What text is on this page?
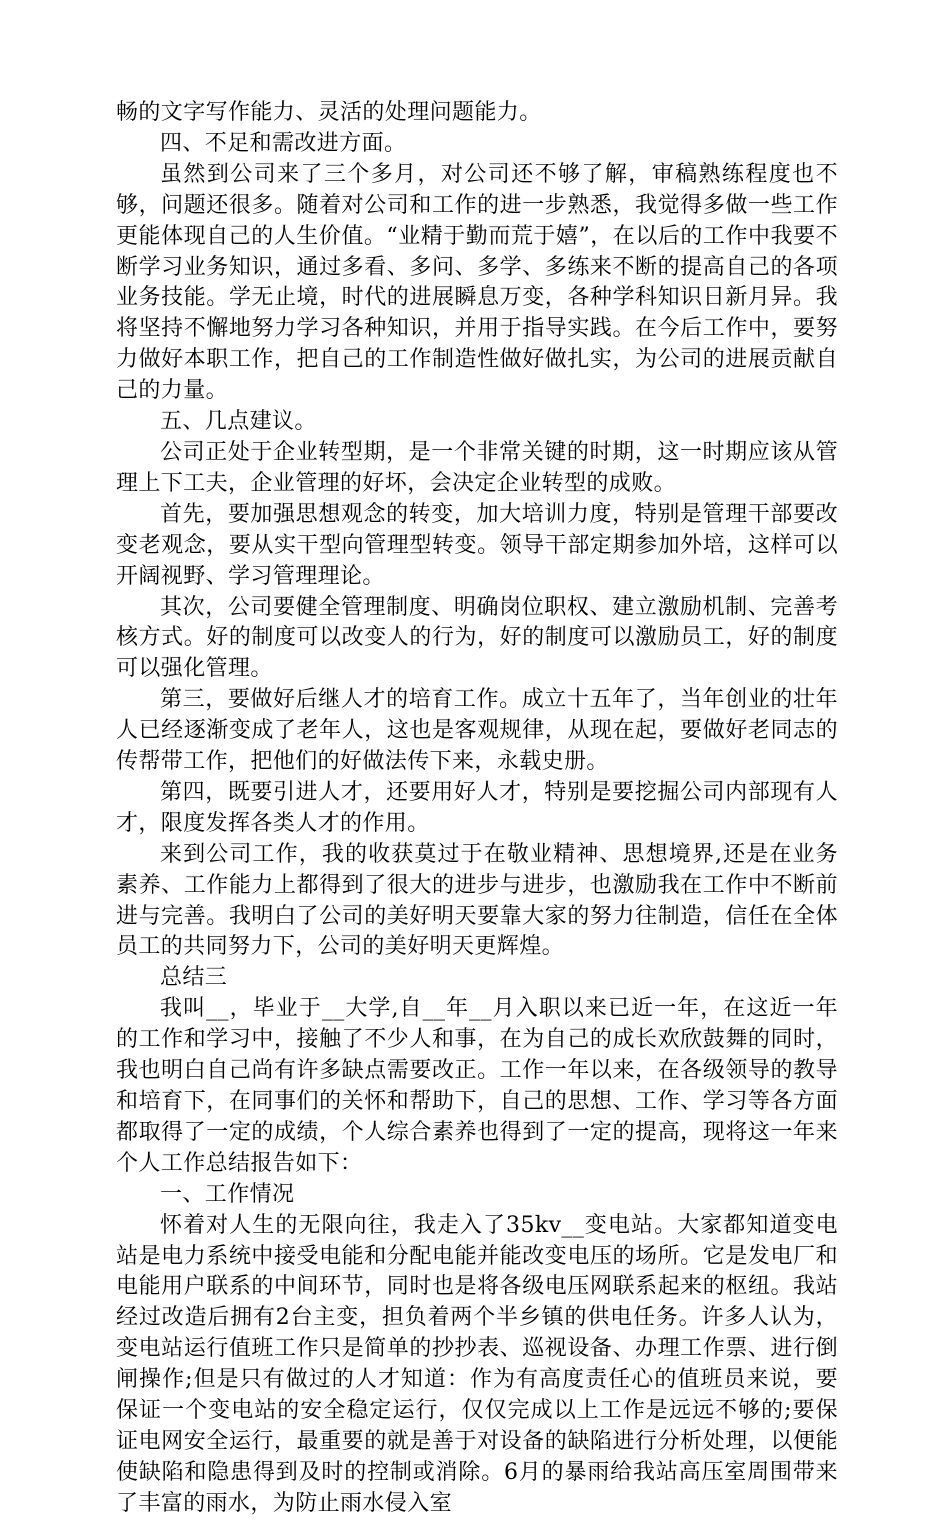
畅的文字写作能力、灵活的处理问题能力。

四、不足和需改进方面。

虽然到公司来了三个多月，对公司还不够了解，审稿熟练程度也不够，问题还很多。随着对公司和工作的进一步熟悉，我觉得多做一些工作更能体现自己的人生价值。“业精于勤而荒于嬉”，在以后的工作中我要不断学习业务知识，通过多看、多问、多学、多练来不断的提高自己的各项业务技能。学无止境，时代的进展瞬息万变，各种学科知识日新月异。我将坚持不懈地努力学习各种知识，并用于指导实践。在今后工作中，要努力做好本职工作，把自己的工作制造性做好做扎实，为公司的进展贡献自己的力量。

五、几点建议。

公司正处于企业转型期，是一个非常关键的时期，这一时期应该从管理上下工夫，企业管理的好坏，会决定企业转型的成败。

首先，要加强思想观念的转变，加大培训力度，特别是管理干部要改变老观念，要从实干型向管理型转变。领导干部定期参加外培，这样可以开阔视野、学习管理理论。

其次，公司要健全管理制度、明确岗位职权、建立激励机制、完善考核方式。好的制度可以改变人的行为，好的制度可以激励员工，好的制度可以强化管理。

第三，要做好后继人才的培育工作。成立十五年了，当年创业的壮年人已经逐渐变成了老年人，这也是客观规律，从现在起，要做好老同志的传帮带工作，把他们的好做法传下来，永载史册。

第四，既要引进人才，还要用好人才，特别是要挖掘公司内部现有人才，限度发挥各类人才的作用。

来到公司工作，我的收获莫过于在敬业精神、思想境界,还是在业务素养、工作能力上都得到了很大的进步与进步，也激励我在工作中不断前进与完善。我明白了公司的美好明天要靠大家的努力往制造，信任在全体员工的共同努力下，公司的美好明天更辉煌。

总结三

我叫__，毕业于__大学,自__年__月入职以来已近一年，在这近一年的工作和学习中，接触了不少人和事，在为自己的成长欢欣鼓舞的同时，我也明白自己尚有许多缺点需要改正。工作一年以来，在各级领导的教导和培育下，在同事们的关怀和帮助下，自己的思想、工作、学习等各方面都取得了一定的成绩，个人综合素养也得到了一定的提高，现将这一年来个人工作总结报告如下：

一、工作情况

怀着对人生的无限向往，我走入了35kv__变电站。大家都知道变电站是电力系统中接受电能和分配电能并能改变电压的场所。它是发电厂和电能用户联系的中间环节，同时也是将各级电压网联系起来的枢纽。我站经过改造后拥有2台主变，担负着两个半乡镇的供电任务。许多人认为，变电站运行值班工作只是简单的抄抄表、巡视设备、办理工作票、进行倒闸操作;但是只有做过的人才知道：作为有高度责任心的值班员来说，要保证一个变电站的安全稳定运行，仅仅完成以上工作是远远不够的;要保证电网安全运行，最重要的就是善于对设备的缺陷进行分析处理，以便能使缺陷和隐患得到及时的控制或消除。6月的暴雨给我站高压室周围带来了丰富的雨水，为防止雨水侵入室
